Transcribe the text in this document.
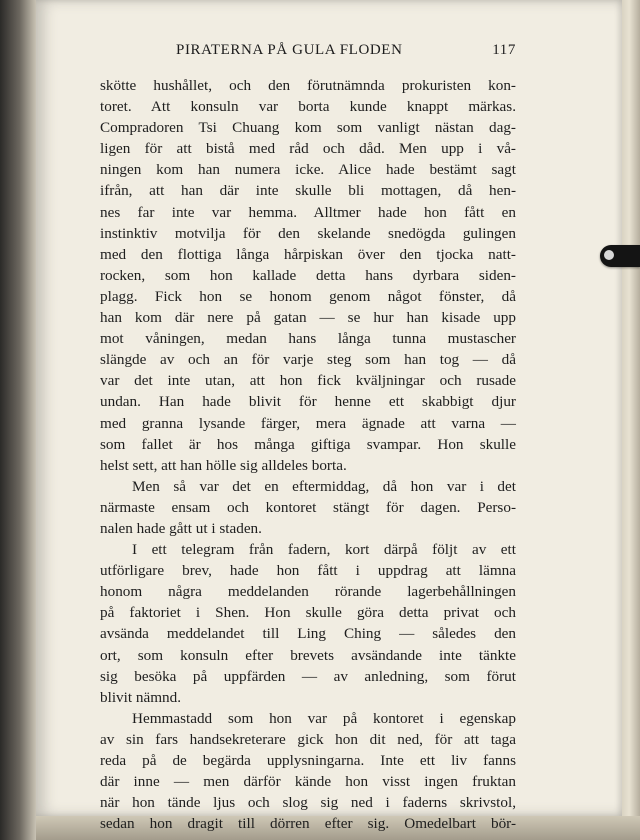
PIRATERNA PÅ GULA FLODEN	117
skötte hushållet, och den förutnämnda prokuristen kon-
toret. Att konsuln var borta kunde knappt märkas.
Compradoren Tsi Chuang kom som vanligt nästan dag-
ligen för att bistå med råd och dåd. Men upp i vå-
ningen kom han numera icke. Alice hade bestämt sagt
ifrån, att han där inte skulle bli mottagen, då hen-
nes far inte var hemma. Alltmer hade hon fått en
instinktiv motvilja för den skelande snedögda gulingen
med den flottiga långa hårpiskan över den tjocka natt-
rocken, som hon kallade detta hans dyrbara siden-
plagg. Fick hon se honom genom något fönster, då
han kom där nere på gatan — se hur han kisade upp
mot våningen, medan hans långa tunna mustascher
slängde av och an för varje steg som han tog — då
var det inte utan, att hon fick kväljningar och rusade
undan. Han hade blivit för henne ett skabbigt djur
med granna lysande färger, mera ägnade att varna —
som fallet är hos många giftiga svampar. Hon skulle
helst sett, att han hölle sig alldeles borta.
Men så var det en eftermiddag, då hon var i det
närmaste ensam och kontoret stängt för dagen. Perso-
nalen hade gått ut i staden.
I ett telegram från fadern, kort därpå följt av ett
utförligare brev, hade hon fått i uppdrag att lämna
honom några meddelanden rörande lagerbehållningen
på faktoriet i Shen. Hon skulle göra detta privat och
avsända meddelandet till Ling Ching — således den
ort, som konsuln efter brevets avsändande inte tänkte
sig besöka på uppfärden — av anledning, som förut
blivit nämnd.
Hemmastadd som hon var på kontoret i egenskap
av sin fars handsekreterare gick hon dit ned, för att taga
reda på de begärda upplysningarna. Inte ett liv fanns
där inne — men därför kände hon visst ingen fruktan
när hon tände ljus och slog sig ned i faderns skrivstol,
sedan hon dragit till dörren efter sig. Omedelbart bör-
